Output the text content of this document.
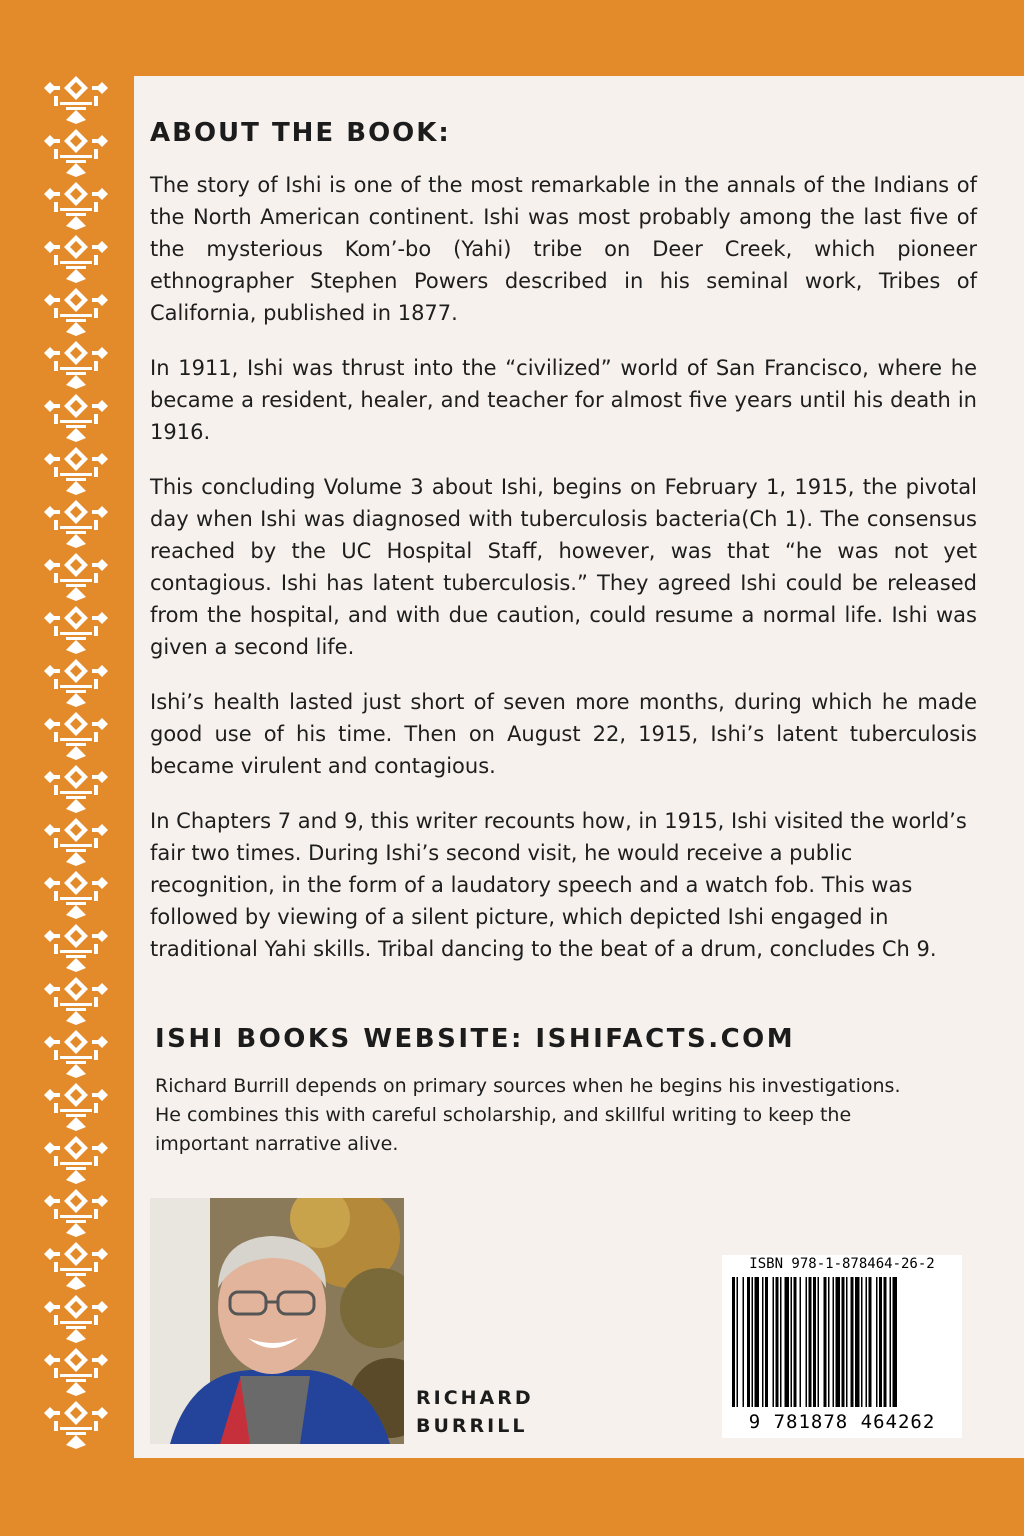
ABOUT THE BOOK:

The story of Ishi is one of the most remarkable in the annals of the Indians of the North American continent. Ishi was most probably among the last five of the mysterious Kom’-bo (Yahi) tribe on Deer Creek, which pioneer ethnographer Stephen Powers described in his seminal work, Tribes of California, published in 1877.

In 1911, Ishi was thrust into the “civilized” world of San Francisco, where he became a resident, healer, and teacher for almost five years until his death in 1916.

This concluding Volume 3 about Ishi, begins on February 1, 1915, the pivotal day when Ishi was diagnosed with tuberculosis bacteria(Ch 1). The consensus reached by the UC Hospital Staff, however, was that “he was not yet contagious. Ishi has latent tuberculosis.” They agreed Ishi could be released from the hospital, and with due caution, could resume a normal life. Ishi was given a second life.

Ishi’s health lasted just short of seven more months, during which he made good use of his time. Then on August 22, 1915, Ishi’s latent tuberculosis became virulent and contagious.

In Chapters 7 and 9, this writer recounts how, in 1915, Ishi visited the world’s fair two times. During Ishi’s second visit, he would receive a public recognition, in the form of a laudatory speech and a watch fob. This was followed by viewing of a silent picture, which depicted Ishi engaged in traditional Yahi skills. Tribal dancing to the beat of a drum, concludes Ch 9.

ISHI BOOKS WEBSITE: ISHIFACTS.COM

Richard Burrill depends on primary sources when he begins his investigations. He combines this with careful scholarship, and skillful writing to keep the important narrative alive.

RICHARD
BURRILL
ISBN 978-1-878464-26-2
9 781878 464262
